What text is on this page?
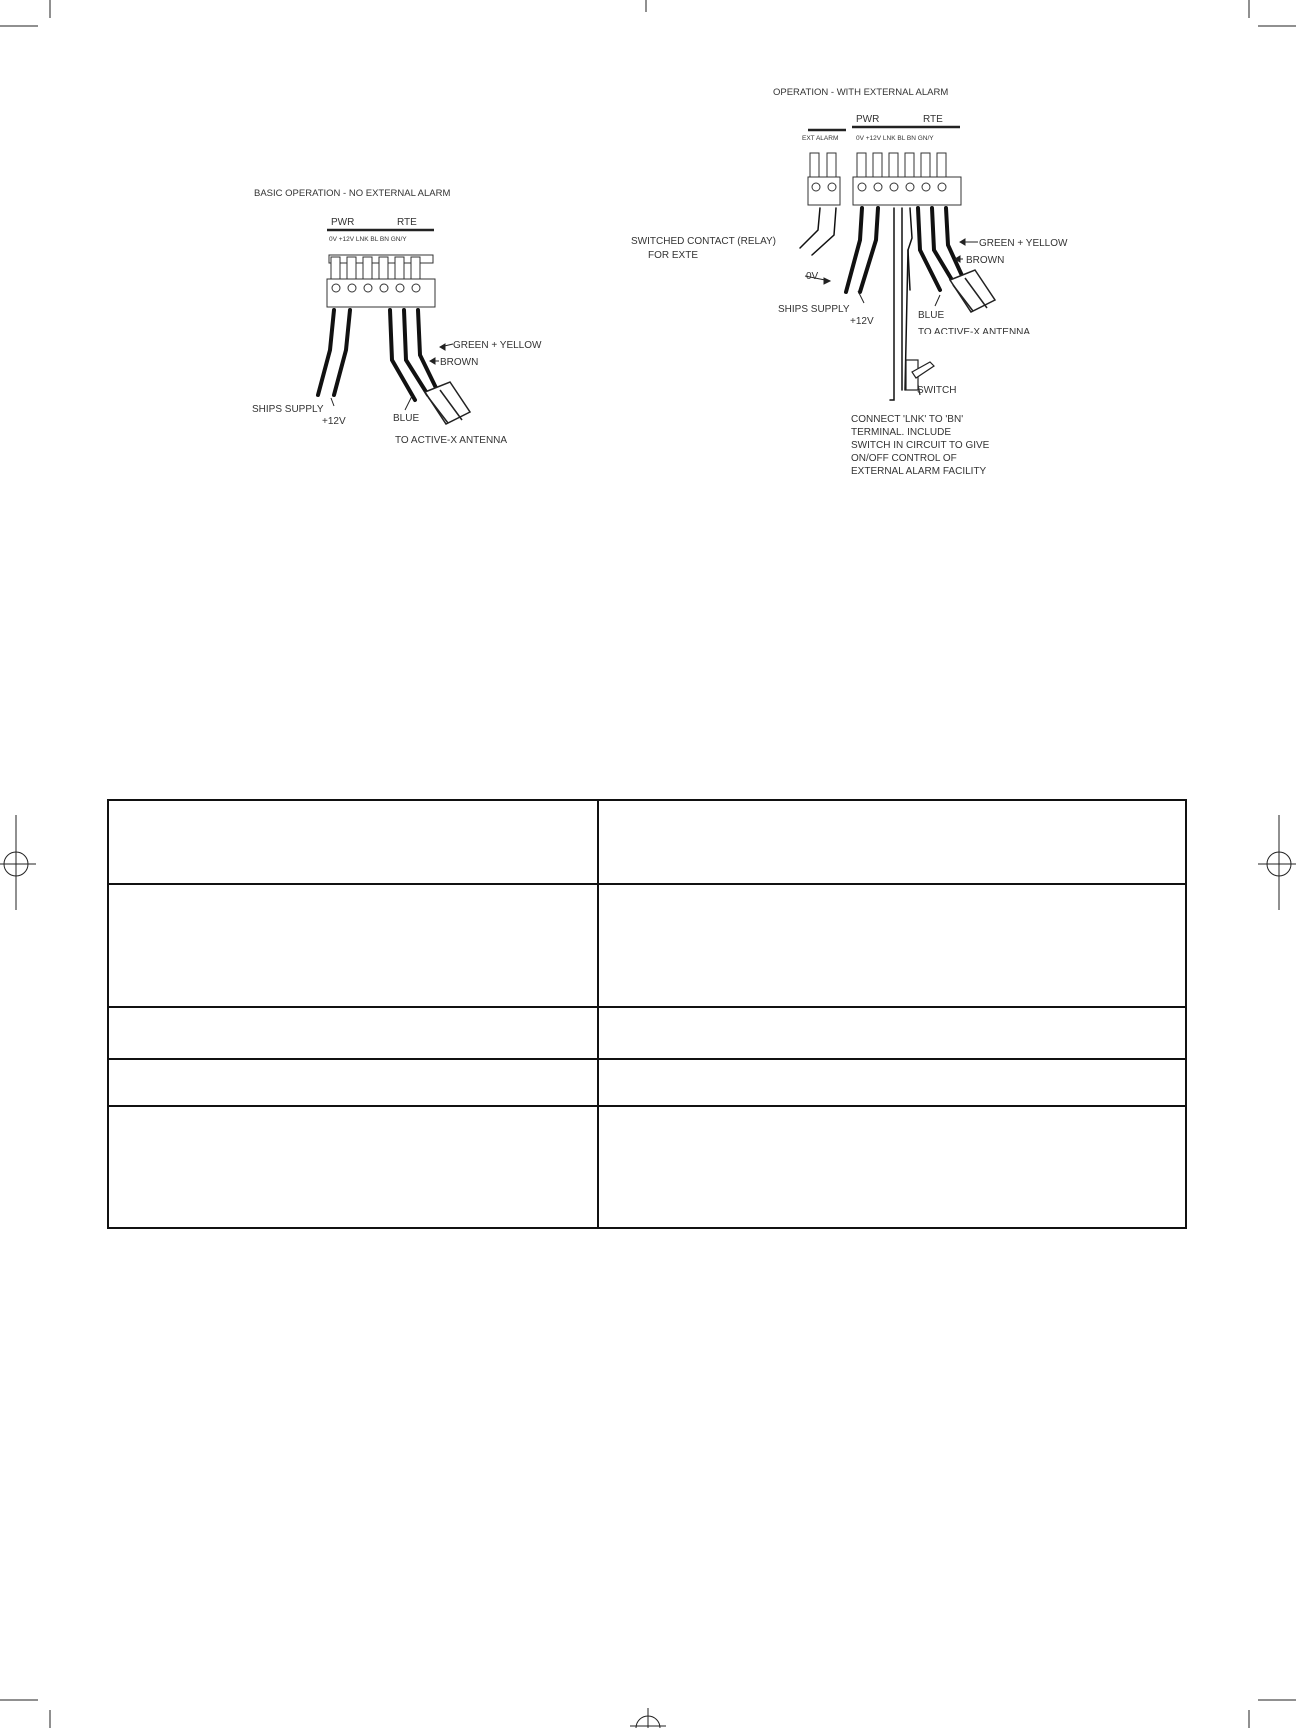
BASIC OPERATION - NO EXTERNAL ALARM
PWR	RTE
0V +12V LNK BL BN GN/Y
GREEN + YELLOW
BROWN
SHIPS SUPPLY
+12V	BLUE
TO ACTIVE-X ANTENNA
OPERATION - WITH EXTERNAL ALARM
PWR	RTE
EXT ALARM	0V +12V LNK BL BN GN/Y
SWITCHED CONTACT (RELAY)
FOR EXTE
0V
SHIPS SUPPLY
+12V
GREEN + YELLOW
BROWN
BLUE
TO ACTIVE-X ANTENNA
SWITCH
CONNECT 'LNK' TO 'BN'
TERMINAL. INCLUDE
SWITCH IN CIRCUIT TO GIVE
ON/OFF CONTROL OF
EXTERNAL ALARM FACILITY
